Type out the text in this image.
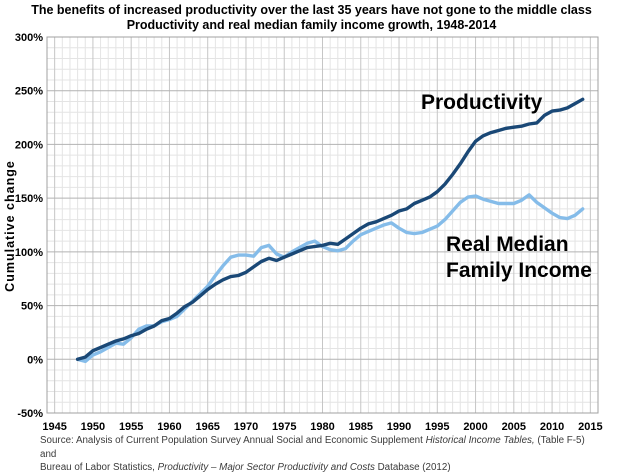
300%
250%
200%
150%
100%
50%
0%
-50%
1945 1950 1955 1960 1965 1970 1975 1980 1985 1990 1995 2000 2005 2010 2015
The benefits of increased productivity over the last 35 years have not gone to the middle class
Productivity and real median family income growth, 1948-2014
Cumulative change
Productivity
Real Median
Family Income
Source: Analysis of Current Population Survey Annual Social and Economic Supplement Historical Income Tables, (Table F-5) and
Bureau of Labor Statistics, Productivity – Major Sector Productivity and Costs Database (2012)
